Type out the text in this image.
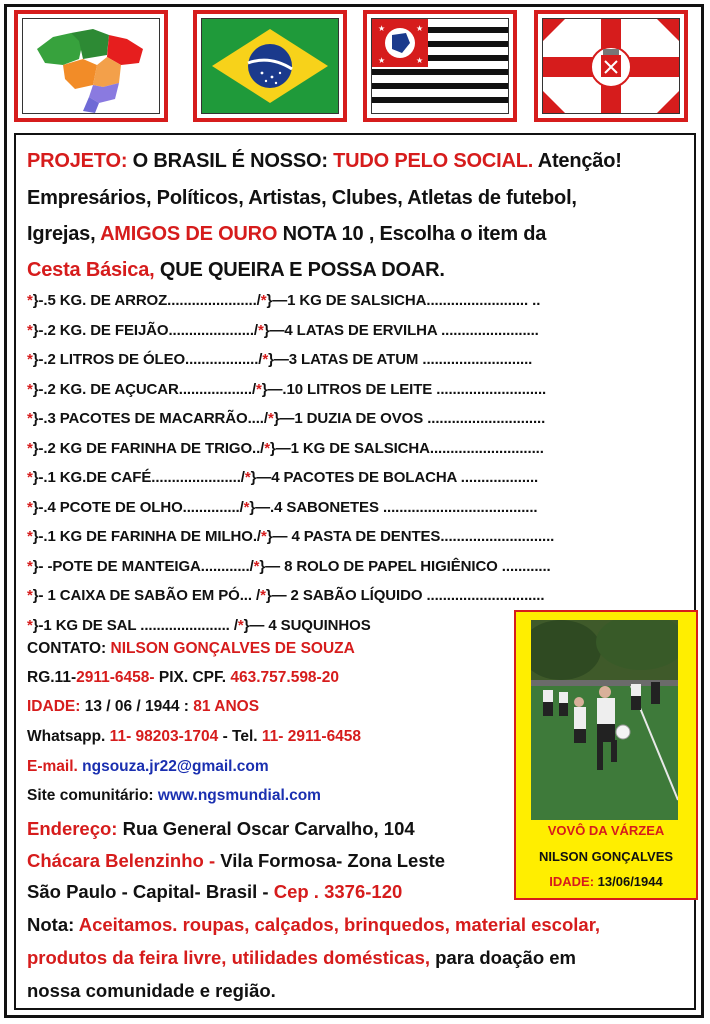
★	★
★	★
PROJETO: O BRASIL É NOSSO: TUDO PELO SOCIAL. Atenção!
Empresários, Políticos, Artistas, Clubes, Atletas de futebol,
Igrejas, AMIGOS DE OURO NOTA 10 , Escolha o item da
Cesta Básica, QUE QUEIRA E POSSA DOAR.
*}-.5 KG. DE ARROZ....................../*}—1 KG DE SALSICHA......................... ..
*}-.2 KG. DE FEIJÃO...................../*}—4 LATAS DE ERVILHA ........................
*}-.2 LITROS DE ÓLEO................../*}—3 LATAS DE ATUM ...........................
*}-.2 KG. DE AÇUCAR................../*}—.10 LITROS DE LEITE ...........................
*}-.3 PACOTES DE MACARRÃO..../*}—1 DUZIA DE OVOS .............................
*}-.2 KG DE FARINHA DE TRIGO../*}—1 KG DE SALSICHA............................
*}-.1 KG.DE CAFÉ....................../*}—4 PACOTES DE BOLACHA ...................
*}-.4 PCOTE DE OLHO............../*}—.4 SABONETES ......................................
*}-.1 KG DE FARINHA DE MILHO./*}— 4 PASTA DE DENTES............................
*}- -POTE DE MANTEIGA............/*}— 8 ROLO DE PAPEL HIGIÊNICO ............
*}- 1 CAIXA DE SABÃO EM PÓ... /*}— 2 SABÃO LÍQUIDO .............................
*}-1 KG DE SAL ...................... /*}— 4 SUQUINHOS
CONTATO: NILSON GONÇALVES DE SOUZA
RG.11-2911-6458- PIX. CPF. 463.757.598-20
IDADE: 13 / 06 / 1944 : 81 ANOS
Whatsapp. 11- 98203-1704 - Tel. 11- 2911-6458
E-mail. ngsouza.jr22@gmail.com
Site comunitário: www.ngsmundial.com
Endereço: Rua General Oscar Carvalho, 104
Chácara Belenzinho - Vila Formosa- Zona Leste
São Paulo - Capital- Brasil - Cep . 3376-120
Nota: Aceitamos. roupas, calçados, brinquedos, material escolar,
produtos da feira livre, utilidades domésticas, para doação em
nossa comunidade e região.
VOVÔ DA VÁRZEA
NILSON GONÇALVES
IDADE: 13/06/1944
